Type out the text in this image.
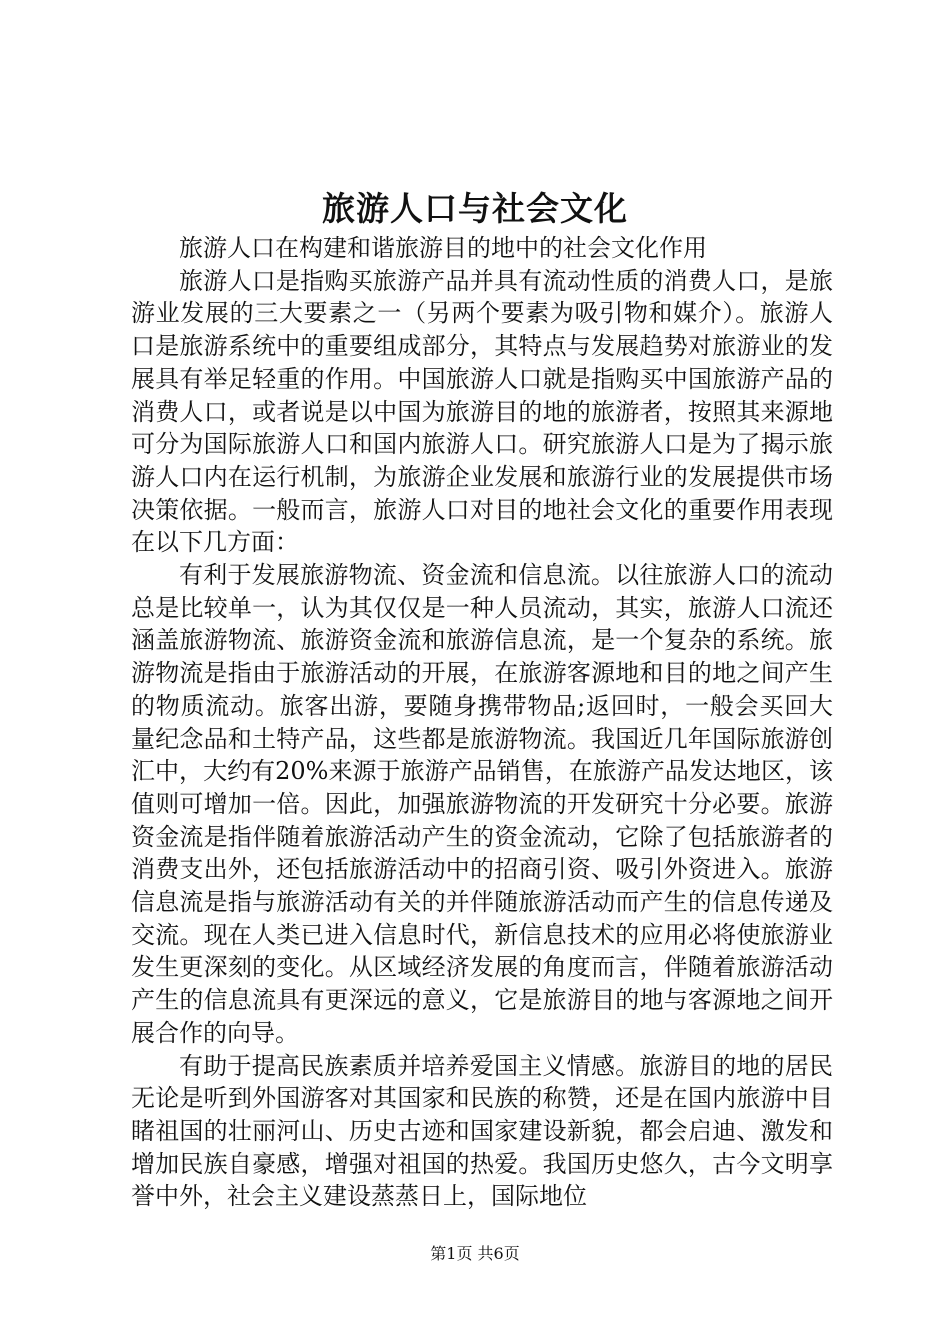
旅游人口与社会文化

旅游人口在构建和谐旅游目的地中的社会文化作用

旅游人口是指购买旅游产品并具有流动性质的消费人口，是旅游业发展的三大要素之一（另两个要素为吸引物和媒介）。旅游人口是旅游系统中的重要组成部分，其特点与发展趋势对旅游业的发展具有举足轻重的作用。中国旅游人口就是指购买中国旅游产品的消费人口，或者说是以中国为旅游目的地的旅游者，按照其来源地可分为国际旅游人口和国内旅游人口。研究旅游人口是为了揭示旅游人口内在运行机制，为旅游企业发展和旅游行业的发展提供市场决策依据。一般而言，旅游人口对目的地社会文化的重要作用表现在以下几方面：

有利于发展旅游物流、资金流和信息流。以往旅游人口的流动总是比较单一，认为其仅仅是一种人员流动，其实，旅游人口流还涵盖旅游物流、旅游资金流和旅游信息流，是一个复杂的系统。旅游物流是指由于旅游活动的开展，在旅游客源地和目的地之间产生的物质流动。旅客出游，要随身携带物品;返回时，一般会买回大量纪念品和土特产品，这些都是旅游物流。我国近几年国际旅游创汇中，大约有20%来源于旅游产品销售，在旅游产品发达地区，该值则可增加一倍。因此，加强旅游物流的开发研究十分必要。旅游资金流是指伴随着旅游活动产生的资金流动，它除了包括旅游者的消费支出外，还包括旅游活动中的招商引资、吸引外资进入。旅游信息流是指与旅游活动有关的并伴随旅游活动而产生的信息传递及交流。现在人类已进入信息时代，新信息技术的应用必将使旅游业发生更深刻的变化。从区域经济发展的角度而言，伴随着旅游活动产生的信息流具有更深远的意义，它是旅游目的地与客源地之间开展合作的向导。

有助于提高民族素质并培养爱国主义情感。旅游目的地的居民无论是听到外国游客对其国家和民族的称赞，还是在国内旅游中目睹祖国的壮丽河山、历史古迹和国家建设新貌，都会启迪、激发和增加民族自豪感，增强对祖国的热爱。我国历史悠久，古今文明享誉中外，社会主义建设蒸蒸日上，国际地位

第1页 共6页
